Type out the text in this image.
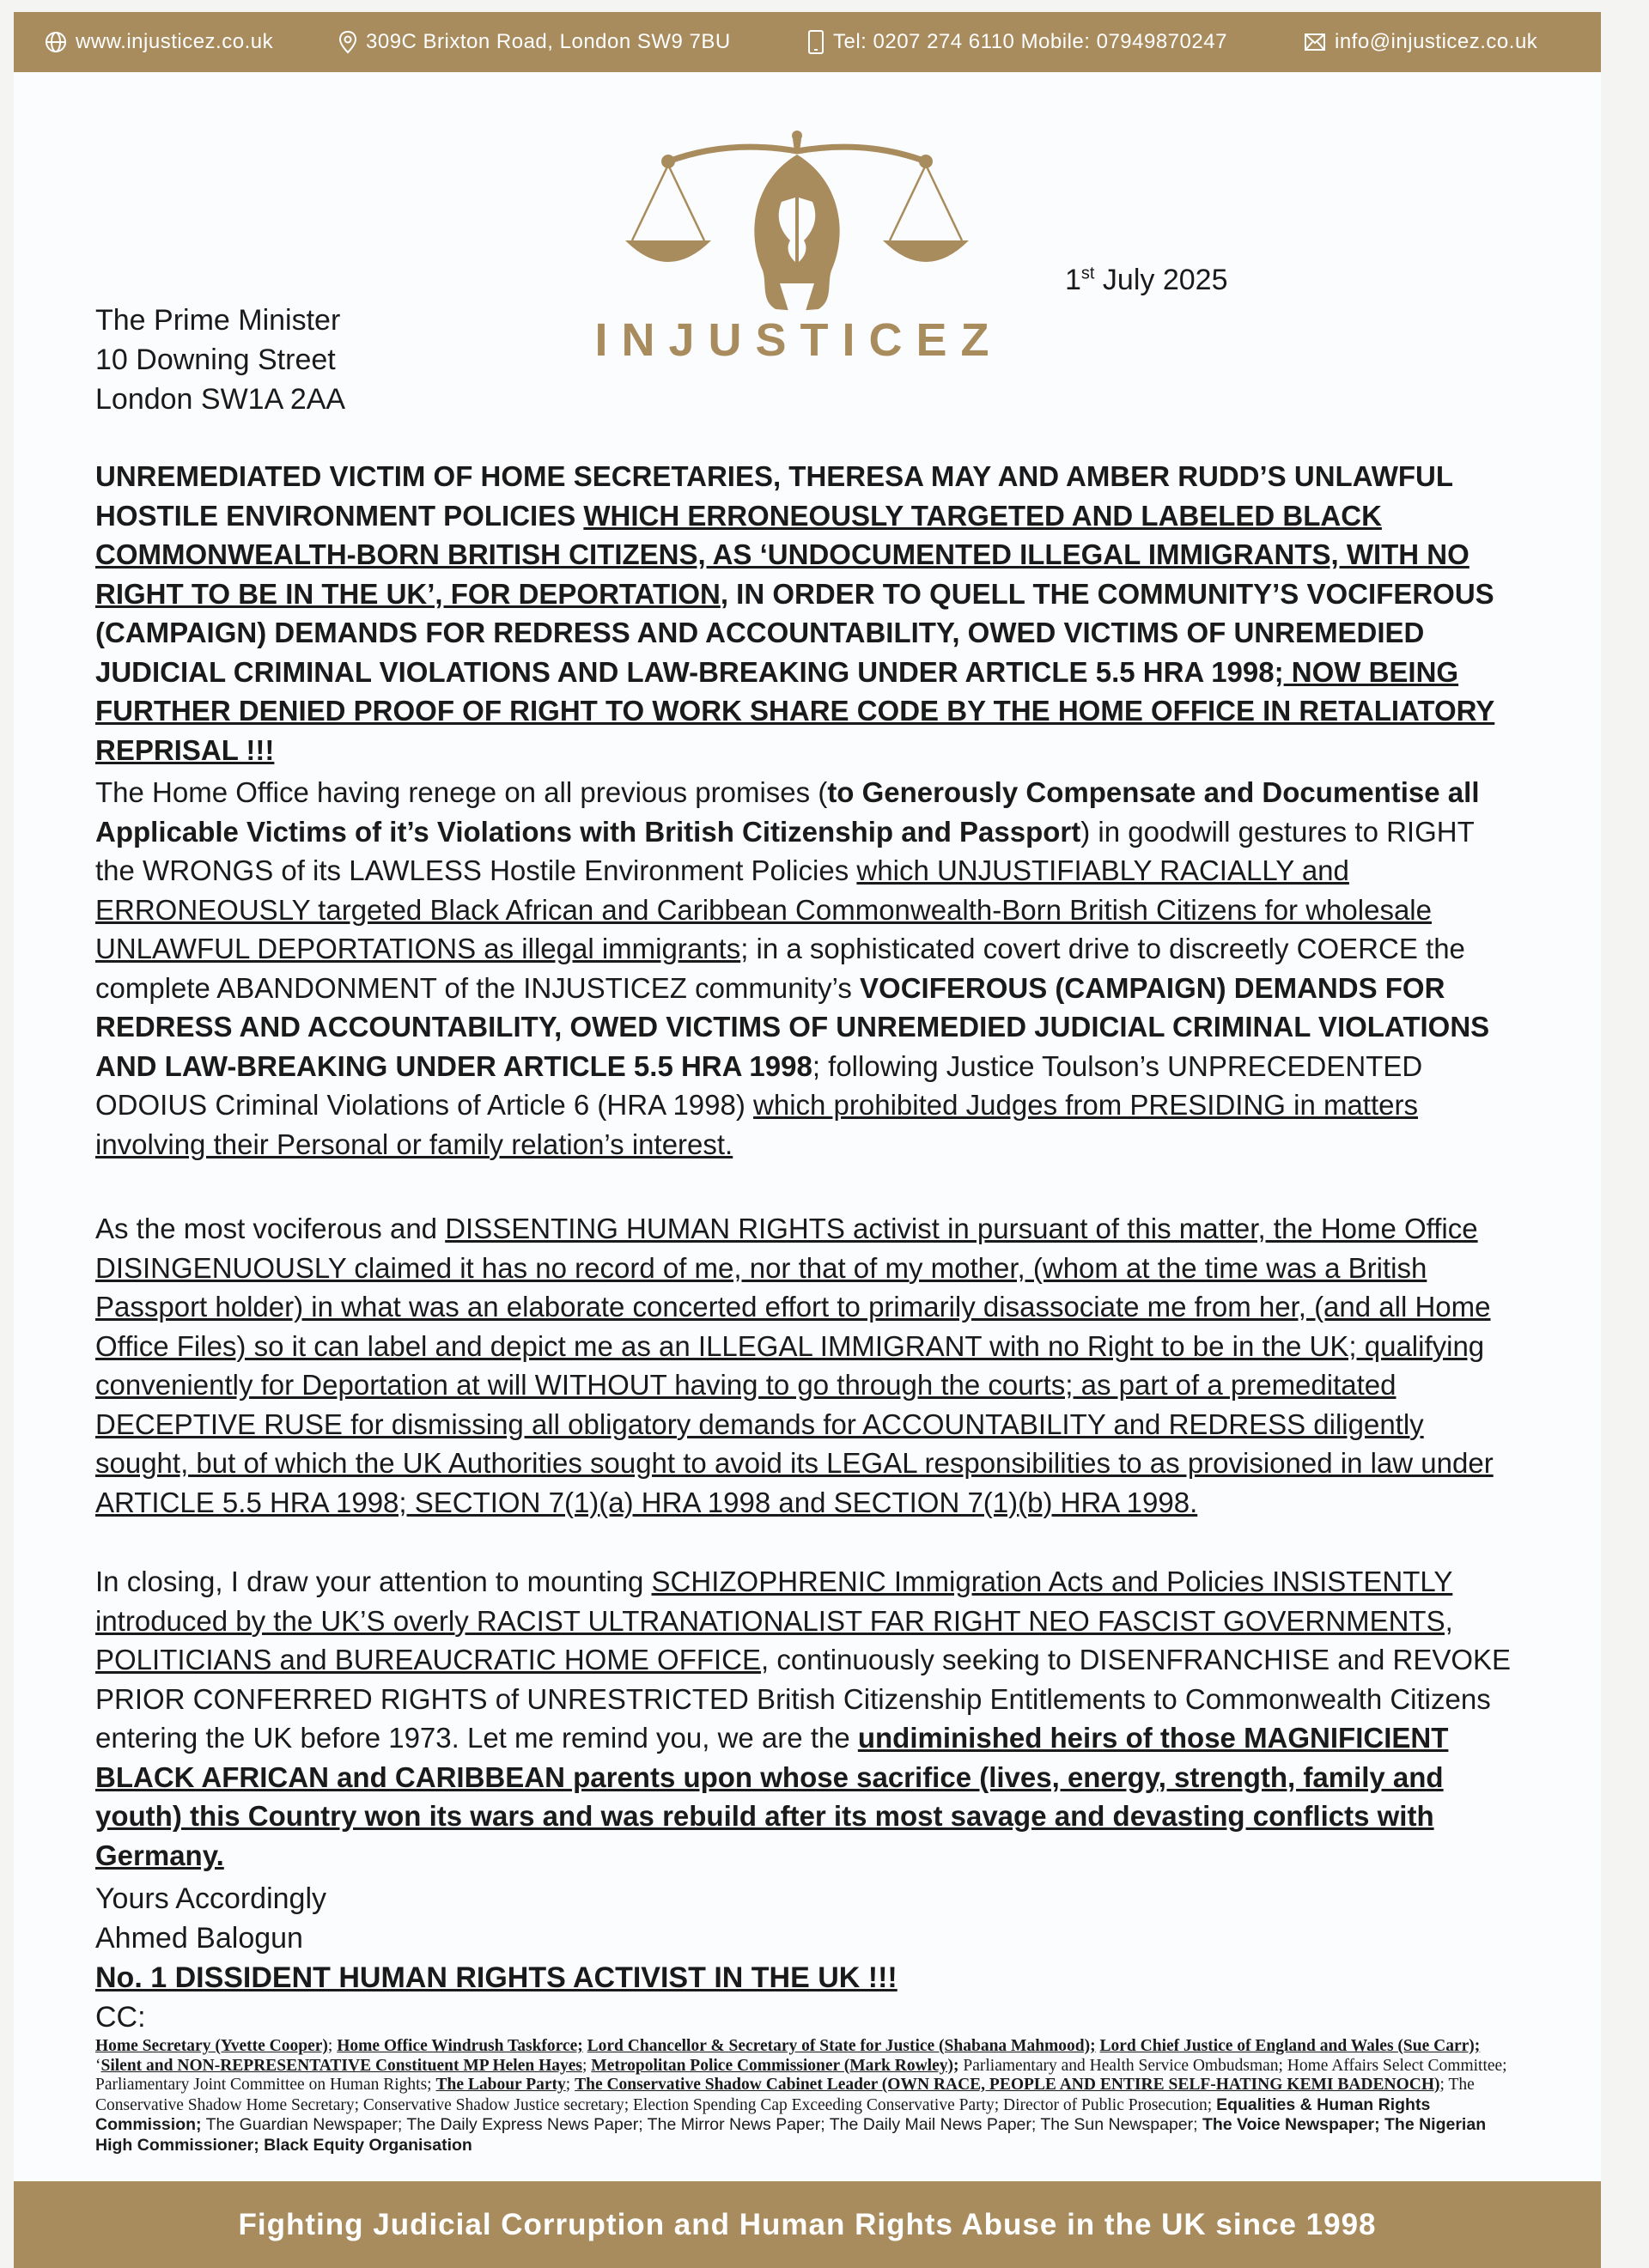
www.injusticez.co.uk	309C Brixton Road, London SW9 7BU	Tel: 0207 274 6110 Mobile: 07949870247	info@injusticez.co.uk
INJUSTICEZ
1st July 2025
The Prime Minister
10 Downing Street
London SW1A 2AA
UNREMEDIATED VICTIM OF HOME SECRETARIES, THERESA MAY AND AMBER RUDD’S UNLAWFUL HOSTILE ENVIRONMENT POLICIES WHICH ERRONEOUSLY TARGETED AND LABELED BLACK COMMONWEALTH-BORN BRITISH CITIZENS, AS ‘UNDOCUMENTED ILLEGAL IMMIGRANTS, WITH NO RIGHT TO BE IN THE UK’, FOR DEPORTATION, IN ORDER TO QUELL THE COMMUNITY’S VOCIFEROUS (CAMPAIGN) DEMANDS FOR REDRESS AND ACCOUNTABILITY, OWED VICTIMS OF UNREMEDIED JUDICIAL CRIMINAL VIOLATIONS AND LAW-BREAKING UNDER ARTICLE 5.5 HRA 1998; NOW BEING FURTHER DENIED PROOF OF RIGHT TO WORK SHARE CODE BY THE HOME OFFICE IN RETALIATORY REPRISAL !!!
The Home Office having renege on all previous promises (to Generously Compensate and Documentise all Applicable Victims of it’s Violations with British Citizenship and Passport) in goodwill gestures to RIGHT the WRONGS of its LAWLESS Hostile Environment Policies which UNJUSTIFIABLY RACIALLY and ERRONEOUSLY targeted Black African and Caribbean Commonwealth-Born British Citizens for wholesale UNLAWFUL DEPORTATIONS as illegal immigrants; in a sophisticated covert drive to discreetly COERCE the complete ABANDONMENT of the INJUSTICEZ community’s VOCIFEROUS (CAMPAIGN) DEMANDS FOR REDRESS AND ACCOUNTABILITY, OWED VICTIMS OF UNREMEDIED JUDICIAL CRIMINAL VIOLATIONS AND LAW-BREAKING UNDER ARTICLE 5.5 HRA 1998; following Justice Toulson’s UNPRECEDENTED ODOIUS Criminal Violations of Article 6 (HRA 1998) which prohibited Judges from PRESIDING in matters involving their Personal or family relation’s interest.
As the most vociferous and DISSENTING HUMAN RIGHTS activist in pursuant of this matter, the Home Office DISINGENUOUSLY claimed it has no record of me, nor that of my mother, (whom at the time was a British Passport holder) in what was an elaborate concerted effort to primarily disassociate me from her, (and all Home Office Files) so it can label and depict me as an ILLEGAL IMMIGRANT with no Right to be in the UK; qualifying conveniently for Deportation at will WITHOUT having to go through the courts; as part of a premeditated DECEPTIVE RUSE for dismissing all obligatory demands for ACCOUNTABILITY and REDRESS diligently sought, but of which the UK Authorities sought to avoid its LEGAL responsibilities to as provisioned in law under ARTICLE 5.5 HRA 1998; SECTION 7(1)(a) HRA 1998 and SECTION 7(1)(b) HRA 1998.
In closing, I draw your attention to mounting SCHIZOPHRENIC Immigration Acts and Policies INSISTENTLY introduced by the UK’S overly RACIST ULTRANATIONALIST FAR RIGHT NEO FASCIST GOVERNMENTS, POLITICIANS and BUREAUCRATIC HOME OFFICE, continuously seeking to DISENFRANCHISE and REVOKE PRIOR CONFERRED RIGHTS of UNRESTRICTED British Citizenship Entitlements to Commonwealth Citizens entering the UK before 1973. Let me remind you, we are the undiminished heirs of those MAGNIFICIENT BLACK AFRICAN and CARIBBEAN parents upon whose sacrifice (lives, energy, strength, family and youth) this Country won its wars and was rebuild after its most savage and devasting conflicts with Germany.
Yours Accordingly
Ahmed Balogun
No. 1 DISSIDENT HUMAN RIGHTS ACTIVIST IN THE UK !!!
CC:
Home Secretary (Yvette Cooper); Home Office Windrush Taskforce; Lord Chancellor & Secretary of State for Justice (Shabana Mahmood); Lord Chief Justice of England and Wales (Sue Carr); ‘Silent and NON-REPRESENTATIVE Constituent MP Helen Hayes; Metropolitan Police Commissioner (Mark Rowley); Parliamentary and Health Service Ombudsman; Home Affairs Select Committee; Parliamentary Joint Committee on Human Rights; The Labour Party; The Conservative Shadow Cabinet Leader (OWN RACE, PEOPLE AND ENTIRE SELF-HATING KEMI BADENOCH); The Conservative Shadow Home Secretary; Conservative Shadow Justice secretary; Election Spending Cap Exceeding Conservative Party; Director of Public Prosecution; Equalities & Human Rights Commission; The Guardian Newspaper; The Daily Express News Paper; The Mirror News Paper; The Daily Mail News Paper; The Sun Newspaper; The Voice Newspaper; The Nigerian High Commissioner; Black Equity Organisation
Fighting Judicial Corruption and Human Rights Abuse in the UK since 1998
